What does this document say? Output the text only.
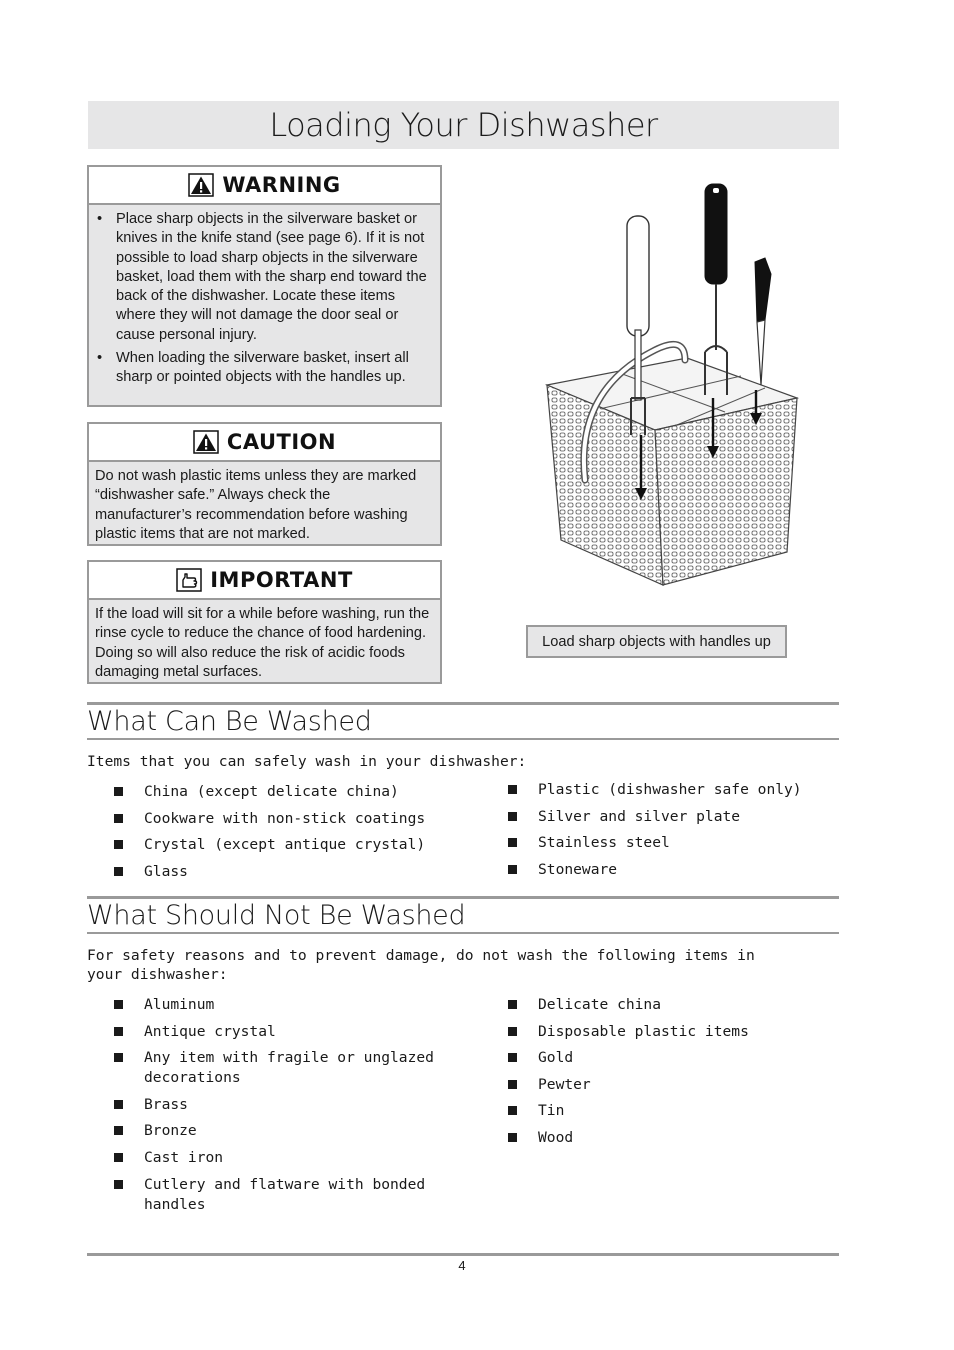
Loading Your Dishwasher
WARNING
• Place sharp objects in the silverware basket or knives in the knife stand (see page 6). If it is not possible to load sharp objects in the silverware basket, load them with the sharp end toward the back of the dishwasher. Locate these items where they will not damage the door seal or cause personal injury.
• When loading the silverware basket, insert all sharp or pointed objects with the handles up.
CAUTION
Do not wash plastic items unless they are marked “dishwasher safe.” Always check the manufacturer’s recommendation before washing plastic items that are not marked.
IMPORTANT
If the load will sit for a while before washing, run the rinse cycle to reduce the chance of food hardening. Doing so will also reduce the risk of acidic foods damaging metal surfaces.
Load sharp objects with handles up
What Can Be Washed
Items that you can safely wash in your dishwasher:
China (except delicate china)
Cookware with non-stick coatings
Crystal (except antique crystal)
Glass
Plastic (dishwasher safe only)
Silver and silver plate
Stainless steel
Stoneware
What Should Not Be Washed
For safety reasons and to prevent damage, do not wash the following items in your dishwasher:
Aluminum
Antique crystal
Any item with fragile or unglazed decorations
Brass
Bronze
Cast iron
Cutlery and flatware with bonded handles
Delicate china
Disposable plastic items
Gold
Pewter
Tin
Wood
4
